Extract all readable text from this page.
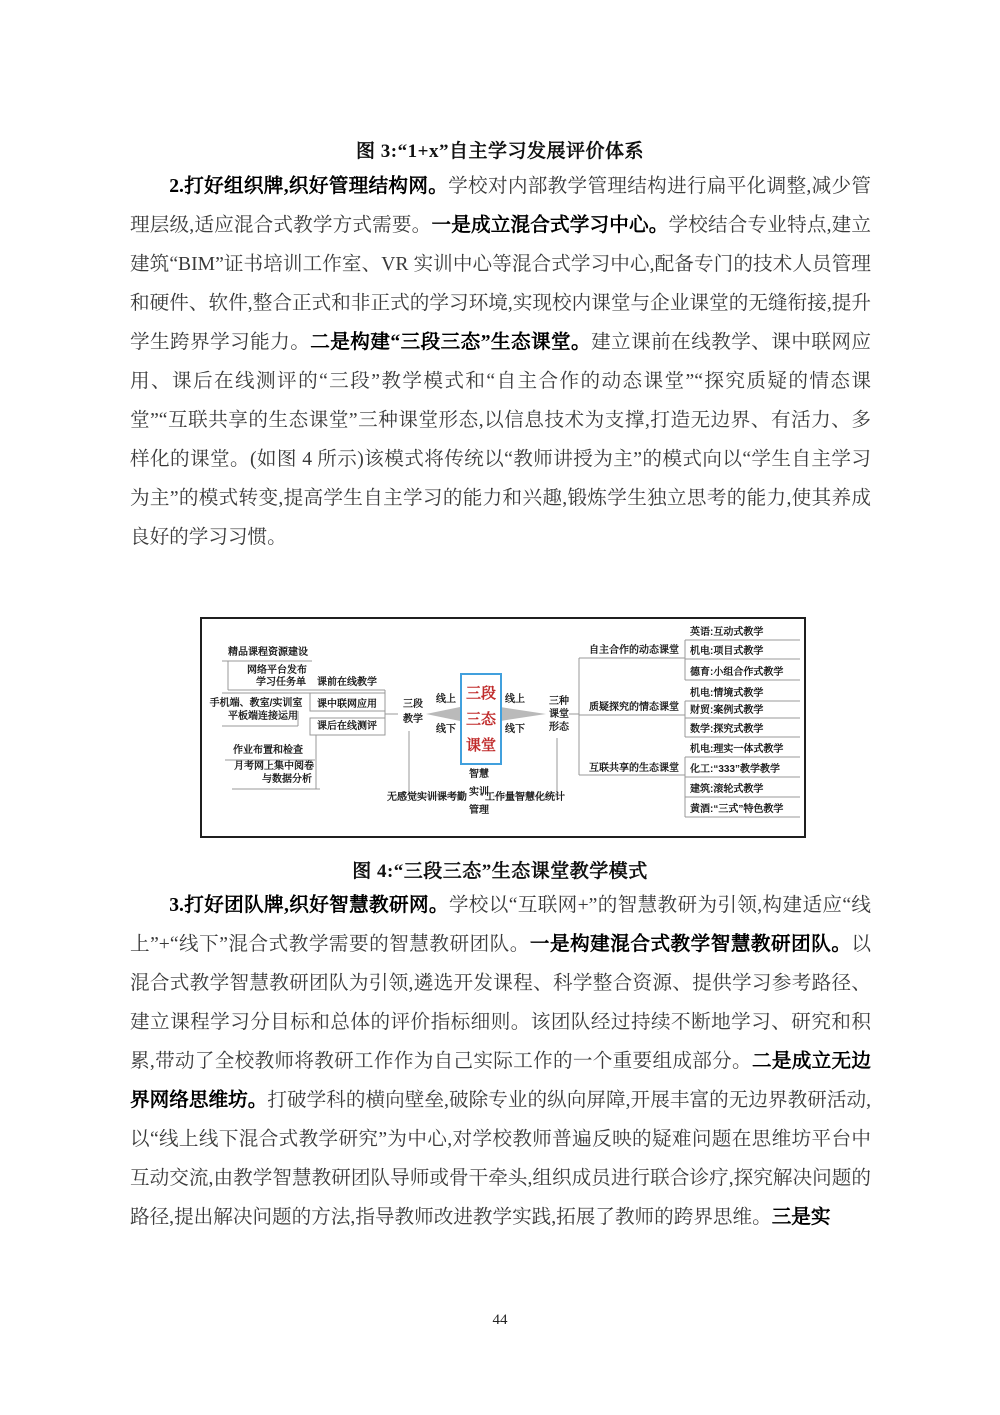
图 3:“1+x”自主学习发展评价体系

2.打好组织牌,织好管理结构网。学校对内部教学管理结构进行扁平化调整,减少管理层级,适应混合式教学方式需要。一是成立混合式学习中心。学校结合专业特点,建立建筑“BIM”证书培训工作室、VR 实训中心等混合式学习中心,配备专门的技术人员管理和硬件、软件,整合正式和非正式的学习环境,实现校内课堂与企业课堂的无缝衔接,提升学生跨界学习能力。二是构建“三段三态”生态课堂。建立课前在线教学、课中联网应用、课后在线测评的“三段”教学模式和“自主合作的动态课堂”“探究质疑的情态课堂”“互联共享的生态课堂”三种课堂形态,以信息技术为支撑,打造无边界、有活力、多样化的课堂。(如图 4 所示)该模式将传统以“教师讲授为主”的模式向以“学生自主学习为主”的模式转变,提高学生自主学习的能力和兴趣,锻炼学生独立思考的能力,使其养成良好的学习习惯。

精品课程资源建设
网络平台发布
学习任务单
手机端、教室/实训室
平板端连接运用
作业布置和检查
月考网上集中阅卷
与数据分析
课前在线教学
课中联网应用
课后在线测评
三段
教学
线上
线下
线上
线下
三段
三态
课堂
三种
课堂
形态
无感觉实训课考勤
智慧
实训
管理
工作量智慧化统计
自主合作的动态课堂
质疑探究的情态课堂
互联共享的生态课堂
英语:互动式教学
机电:项目式教学
德育:小组合作式教学
机电:情境式教学
财贸:案例式教学
数学:探究式教学
机电:理实一体式教学
化工:“333”教学教学
建筑:滚轮式教学
黄酒:“三式”特色教学
图 4:“三段三态”生态课堂教学模式

3.打好团队牌,织好智慧教研网。学校以“互联网+”的智慧教研为引领,构建适应“线上”+“线下”混合式教学需要的智慧教研团队。一是构建混合式教学智慧教研团队。以混合式教学智慧教研团队为引领,遴选开发课程、科学整合资源、提供学习参考路径、建立课程学习分目标和总体的评价指标细则。该团队经过持续不断地学习、研究和积累,带动了全校教师将教研工作作为自己实际工作的一个重要组成部分。二是成立无边界网络思维坊。打破学科的横向壁垒,破除专业的纵向屏障,开展丰富的无边界教研活动,以“线上线下混合式教学研究”为中心,对学校教师普遍反映的疑难问题在思维坊平台中互动交流,由教学智慧教研团队导师或骨干牵头,组织成员进行联合诊疗,探究解决问题的路径,提出解决问题的方法,指导教师改进教学实践,拓展了教师的跨界思维。三是实

44
